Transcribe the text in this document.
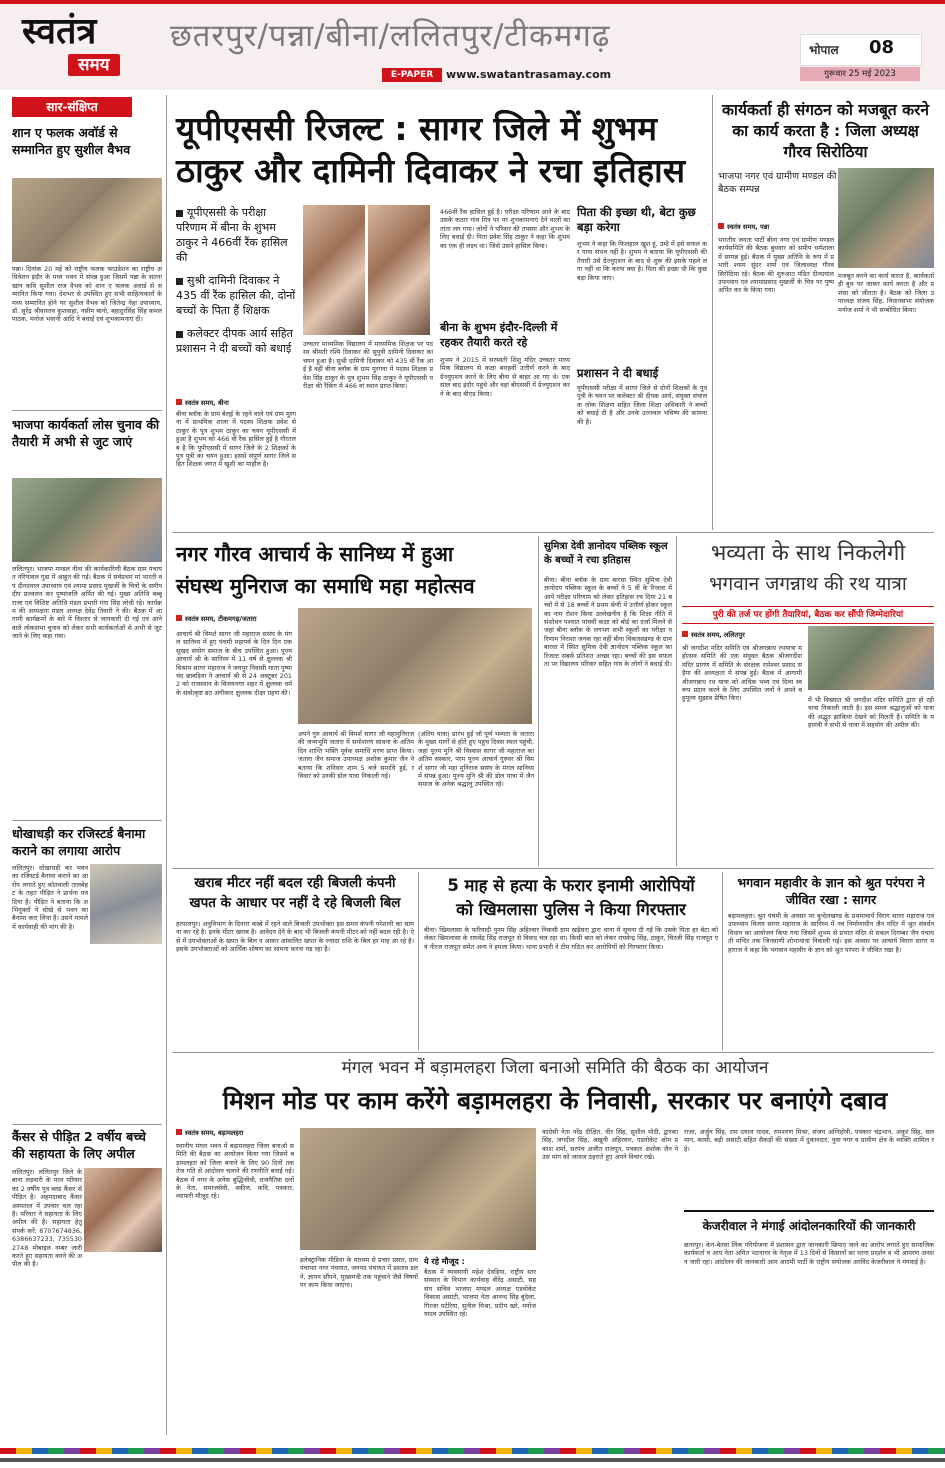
स्वतंत्र
समय
छतरपुर/पन्ना/बीना/ललितपुर/टीकमगढ़
E-PAPER	www.swatantrasamay.com
भोपाल 08
गुरूवार 25 मई 2023
सार-संक्षिप्त
शान ए फलक अवॉर्ड से सम्मानित हुए सुशील वैभव
पन्ना। दिनांक 20 मई को राष्ट्रीय फलक फाउंडेशन का राष्ट्रीय अधिवेशन इंदौर के मध्य भवन में संपन्न हुआ जिसमें पन्ना के सतना खान कवि सुशील राज वैभव को शान ए फलक अवार्ड से सम्मानित किया गया। देशभर से उपस्थित हुए सभी साहित्यकारों के मध्य सम्मानित होने पर सुशील वैभव को जितेन्द्र नेहा उपाध्याय, डॉ. सुरेंद्र श्रीवास्तव कुशवाहा, नसीम बानो, बहादुरसिंह सिंह कमल पाठक, मनोज भवानी आदि ने बधाई एवं शुभकामनाएं दी।
भाजपा कार्यकर्ता लोस चुनाव की तैयारी में अभी से जुट जाएं
ललितपुर। भाजपा मण्डल नीना की कार्यकारिणी बैठक ग्राम पंचायत नरियावल गुडा में आहूत की गई। बैठक में सर्वप्रथम मां भारती व पं दीनदयाल उपाध्याय एवं श्यामा प्रसाद मुखर्जी के चित्रों के समीप दीप प्रज्वलन कर पुष्पांजलि अर्पित की गई। मुख्य अतिथि बब्बू राजा एवं विशिष्ट अतिथि मंडल प्रभारी गंगा सिंह लोधी रहे। कार्यक्रम की अध्यक्षता मंडल अध्यक्ष देवेंद्र तिवारी ने की। बैठक में आगामी कार्यक्रमों के बारे में विस्तार से जानकारी दी गई एवं आने वाले लोकसभा चुनाव को लेकर सभी कार्यकर्ताओं से अभी से जुट जाने के लिए कहा गया।
धोखाधड़ी कर रजिस्टर्ड बैनामा कराने का लगाया आरोप
ललितपुर। धोखाधड़ी कर भवन का रजिस्टर्ड बैनामा कराने का आरोप लगाते हुए कोतवाली तालबेहट के तहत पीड़ित ने प्रार्थना पत्र दिया है। पीड़ित ने बताया कि अभियुक्तों ने धोखे से भवन का बैनामा करा लिया है। उसने मामले में कार्यवाही की मांग की है।
कैंसर से पीड़ित 2 वर्षीय बच्चे की सहायता के लिए अपील
ललितपुर। ललितपुर जिले के बाना लड़वारी के पाल परिवार का 2 वर्षीय पुत्र ब्लड कैंसर से पीड़ित है। अहमदाबाद कैंसर अस्पताल में उपचार चल रहा है। परिवार ने सहायता के लिए अपील की है। सहायता हेतु संपर्क करें: 8707674836, 6386637233, 7355302748 मोबाइल नम्बर जारी करते हुए सहायता करने की अपील की है।
यूपीएससी रिजल्ट : सागर जिले में शुभम
ठाकुर और दामिनी दिवाकर ने रचा इतिहास
यूपीएससी के परीक्षा परिणाम में बीना के शुभम ठाकुर ने 466वीं रैंक हासिल की
सुश्री दामिनी दिवाकर ने 435 वीं रैंक हासिल की, दोनों बच्चों के पिता हैं शिक्षक
कलेक्टर दीपक आर्य सहित प्रशासन ने दी बच्चों को बधाई
स्वतंत्र समय, बीना
बीना ब्लॉक के ग्राम बेल्ई के रहने वाले एवं ग्राम मुरगना में प्राथमिक शाला में पदस्थ शिक्षक प्रवेश से ठाकुर के पुत्र शुभम ठाकुर का चयन यूपीएससी में हुआ है शुभम को 466 वीं रैंक हासिल हुई है गौरतलब है कि यूपीएससी में सागर जिले के 2 शिक्षकों के पुत्र पुत्री का चयन हुआ। इससे संपूर्ण सागर जिले सहित शिक्षक जगत में खुशी का माहौल है।
उच्चतर माध्यमिक विद्यालय में माध्यमिक शिक्षक पर पदस्थ श्रीमती रश्मि दिवाकर की सुपुत्री दामिनी दिवाकर का चयन हुआ है। सुश्री दामिनी दिवाकर को 435 वीं रैंक आई है वहीं बीना ब्लॉक के ग्राम मुरगना में पदस्थ शिक्षक प्रवेश सिंह ठाकुर के पुत्र शुभम सिंह ठाकुर ने यूपीएससी परीक्षा की रैंकिंग में 466 वां स्थान प्राप्त किया।
466वीं रैंक हासिल हुई है। परीक्षा परिणाम आने के बाद उसके कठार गांव मित्र पर पर शुभकामनाएं देने वालों का तांता लग गया। लोगों ने परिवार की तपस्या और शुभम के लिए बधाई दी। पिता प्रवेश सिंह ठाकुर ने कहा कि शुभम का एक ही लक्ष्य था। जिसे उसने हासिल किया।
बीना के शुभम इंदौर-दिल्ली में रहकर तैयारी करते रहे
शुभम ने 2015 में सरस्वती शिशु मंदिर उच्चतर माध्यमिक विद्यालय से कक्षा बारहवीं उत्तीर्ण करने के बाद ग्रेज्युएशन करने के लिए बीना से बाहर आ गए थे। एक साल बाद इंदौर पहुंचे और वहां बीएससी में ग्रेज्युएशन करने के बाद बीएड किया।
पिता की इच्छा थी, बेटा कुछ बड़ा करेगा
शुभम ने कहा कि फिलहाल खुश हूं, उम्दे में इसे सफल कर पाना संभव नहीं है। शुभम ने बताया कि यूपीएससी की तैयारी उसे ग्रेज्युएशन के बाद से शुरू की इसके पहले लगा नहीं था कि करना क्या है। पिता की इच्छा थी कि कुछ बड़ा किया जाए।
प्रशासन ने दी बधाई
यूपीएससी परीक्षा में सागर जिले से दोनों शिक्षकों के पुत्र पुत्री के चयन पर कलेक्टर श्री दीपक आर्य, संयुक्त संचालक लोक शिक्षण सहित जिला शिक्षा अधिकारी ने बच्चों को बधाई दी है और उनके उज्ज्वल भविष्य की कामना की है।
कार्यकर्ता ही संगठन को मजबूत करने का कार्य करता है : जिला अध्यक्ष गौरव सिरोठिया
भाजपा नगर एवं ग्रामीण मण्डल की बैठक सम्पन्न
स्वतंत्र समय, पन्ना
भारतीय जनता पार्टी बीना नगर एवं ग्रामीण मण्डल कार्यसमिति की बैठक बुधवार को समीप धर्मशाला में सम्पन्न हुई। बैठक में मुख्य अतिथि के रूप में प्रभारी श्याम सुंदर शर्मा एवं जिलाध्यक्ष गौरव सिरोठिया रहे। बैठक की शुरुआत पंडित दीनदयाल उपाध्याय एवं श्यामाप्रसाद मुखर्जी के चित्र पर पुष्प अर्पित कर के किया गया।
मजबूत करने का कार्य करता है, कार्यकर्ता ही बूथ पर जाकर कार्य करता है और प्रशंसा को जीतता है। बैठक को जिला उपाध्यक्ष संजय सिंह, विधानसभा संयोजक मनोज शर्मा ने भी सम्बोधित किया।
नगर गौरव आचार्य के सानिध्य में हुआ
संघस्थ मुनिराज का समाधि महा महोत्सव
स्वतंत्र समय, टीकमगढ़/जतारा
आचार्य श्री विमर्श सागर जी महाराज ससंघ के मंगल सानिध्य में हुए पंचमी महापर्व के दिन दिन एक सुखद संयोग समाज के बीच उपस्थित हुआ। पूज्य आचार्य श्री के सानिध्य में 11 वर्ष से क्षुल्लक श्री विश्राम सागर महाराज ने जयपुर निवासी माता पुष्पा चंद छाबड़िया ने आचार्य श्री से 24 अक्टूबर 2012 को राजस्थान के विजयनगर शहर में क्षुल्लक धर्म के संवोत्कृष्ट व्रत अंगीकार क्षुल्लक दीक्षा ग्रहण की।
अपने गुरु आचार्य श्री विमर्श सागर जी महामुनिराज की जन्मभूमि जतारा में समोशरण साधना के अंतिम दिन शान्ति भक्ति पूर्वक समाधि मरण प्राप्त किया। जतारा जैन समाज उपाध्यक्ष अशोक कुमार जैन ने बताया कि शनिवार शाम 5 बजे समाधि हुई, रविवार को उनकी डोल यात्रा निकाली गई।
(अंतिम यात्रा) प्रारंभ हुई जो पूर्ण भव्यता के जतारा के मुख्य मार्गों से होते हुए पहुंच दिवस स्थल पहुंची, जहां पूज्य मुनि श्री विस्वास सागर जी महाराज का अंतिम संस्कार, परम पूज्य आचार्य गुरुवर श्री विमर्श सागर जी महा मुनिराज ससंघ के मंगल सानिध्य में संपन्न हुआ। पूज्य मुनि श्री की डोल यात्रा में जैन समाज के अनेक श्रद्धालु उपस्थित रहे।
सुमित्रा देवी ज्ञानोदय पब्लिक स्कूल के बच्चों ने रचा इतिहास
बीना। बीना ब्लॉक के ग्राम बारधा स्थित सुमित्रा देवी ज्ञानोदय पब्लिक स्कूल के बच्चों ने 5 वीं के रिजल्ट में आये परीक्षा परिणाम को लेकर इतिहास रच दिया 21 बच्चों में से 18 बच्चों ने प्रथम श्रेणी में उत्तीर्ण होकर स्कूल का नाम रोशन किया उल्लेखनीय है कि शिक्षा नीति में संशोधन पश्चात पांचवीं कक्षा को बोर्ड का दर्जा मिलने से जहां बीना ब्लॉक के लगभग सभी स्कूलों का परीक्षा परिणाम निराशा जनक रहा वहीं बीना विकासखण्ड के ग्राम बारधा में स्थित सुमित्रा देवी ज्ञानोदय पब्लिक स्कूल का रिजल्ट सबसे प्रतिशत अच्छा रहा। बच्चों की इस सफलता पर विद्यालय परिवार सहित गांव के लोगों ने बधाई दी।
भव्यता के साथ निकलेगी
भगवान जगन्नाथ की रथ यात्रा
पुरी की तर्ज पर होंगी तैयारियां, बैठक कर सौंपी जिम्मेदारियां
स्वतंत्र समय, ललितपुर
श्री जगदीश मंदिर समिति एवं श्रीजगन्नाथ रथयात्रा महोत्सव समिति की एक संयुक्त बैठक श्रीजगदीश मंदिर प्रांगण में समिति के संरक्षक रामेश्वर प्रसाद सड़ैया की अध्यक्षता में संपन्न हुई। बैठक में आगामी श्रीजगन्नाथ रथ यात्रा को अधिक भव्य एवं दिव्य स्वरूप प्रदान करने के लिए उपस्थित जनों ने अपने बहुमूल्य सुझाव प्रेषित किए।	में भी विख्यात श्री जगदीश मंदिर समिति द्वारा हो रही यात्रा निकाली जाती है। इस समय श्रद्धालुओं को यात्रा की अद्भुत झांकियां देखने को मिलती हैं। समिति के महामंत्री ने सभी से यात्रा में सहयोग की अपील की।
खराब मीटर नहीं बदल रही बिजली कंपनी
खपत के आधार पर नहीं दे रहे बिजली बिल
हरपालपुर। अनुविभाग के दिनारा कस्बे में रहने वाले बिजली उपभोक्ता इस समय कंपनी परेशानी का सामना कर रहे है। इनके मीटर खराब है। आवेदन देने के बाद भी बिजली कंपनी मीटर को नहीं बदल रही है। ऐसे में उपभोक्ताओं के खपत के बिल न आकर आंकलित खपत के ज्यादा राशि के बिल हर माह आ रहे है। इसके उपभोक्ताओं को आर्थिक शोषण का सामना करना पड़ रहा है।
5 माह से हत्या के फरार इनामी आरोपियों
को खिमलासा पुलिस ने किया गिरफ्तार
बीना। खिमलासा के फरियादी पुनम सिंह अहिरवार निवासी ग्राम खड़ेसरा द्वारा थाना में सूचना दी गई कि उसके पिता हर बेटा को लेकर खिमलासा के राघवेंद्र सिंह राजपूत से विवाद चल रहा था। किसी बात को लेकर राघवेन्द्र सिंह, ठाकुर, चिरंजी सिंह राजपूत एवं नीरज राजपूत समेत अन्य ने हमला किया। थाना प्रभारी ने टीम गठित कर आरोपियों को गिरफ्तार किया।
भगवान महावीर के ज्ञान को श्रुत परंपरा ने जीवित रखा : सागर
बड़ामलहरा। श्रुत पंचमी के अवसर पर बुन्देलखण्ड के प्रथमाचार्य विराग सागर महाराज एवं उपाध्याय विजय सागर महाराज के सानिध्य में नव निर्माणाधीन जैन मंदिर में श्रुत संवर्धन विधान का आयोजन किया गया जिसमें शुभम से प्रभात मंदिर से सकल दिगम्बर जैन पंचायती मन्दिर तक जिनवाणी शोभायात्रा निकाली गई। इस अवसर पर आचार्य विराग सागर महाराज ने कहा कि भगवान महावीर के ज्ञान को श्रुत परंपरा ने जीवित रखा है।
मंगल भवन में बड़ामलहरा जिला बनाओ समिति की बैठक का आयोजन
मिशन मोड पर काम करेंगे बड़ामलहरा के निवासी, सरकार पर बनाएंगे दबाव
स्वतंत्र समय, बड़ामलहरा
स्थानीय मंगल भवन में बड़ामलहरा जिला बनाओ समिति की बैठक का आयोजन किया गया जिसमें बड़ामलहरा को जिला बनाने के लिए 90 दिनों तक तेज गति से आंदोलन चलाने की रणनीति बनाई गई। बैठक में नगर के अनेक बुद्धिजीवी, राजनैतिक दलों के नेता, समाजसेवी, वकील, कवि, पत्रकार, व्यापारी मौजूद रहे।
इलेक्ट्रानिक मीडिया के माध्यम से प्रचार प्रसार, ग्राम पंचायत नगर पंचायत, जनपद पंचायत में प्रस्ताव डलने, ज्ञापन सौंपने, मुख्यमंत्री तक पहुंचाने जैसे विषयों पर काम किया जाएगा।
ये रहे मौजूद :
बैठक में व्यवसायी महेश देवड़िया, राष्ट्रीय स्तर संस्थान के विभाग कार्यवाह वीरेंद्र असाटी, सह संघ सचिव भाजपा मण्डल अध्यक्ष एडवोकेट विकास असाटी, भाजपा नेता आनन्द सिंह बुंदेला, गिरजा पटेरिया, सुनील मिश्रा, प्रदीप खरे, मनोज यादव उपस्थित रहे।
कांग्रेसी नेता नरेंद्र दीक्षित, वीर सिंह, सुशील मोदी, द्वारका सिंह, जगदीश सिंह, अखूनी अहिरवार, एडवोकेट ओम प्रकाश शर्मा, सरपंच अजीत राजपूत, पत्रकार अशोक जैन ने उस मांग को जायज ठहराते हुए अपने विचार रखे।
राजा, अर्जुन सिंह, राम दयाल यादव, रामशरण मिश्रा, संजय अग्निहोत्री, पत्रकार चंद्रभान, अंकुर सिंह, सलमान, कासी, बड़ी असाटी सहित सैकड़ों की संख्या में दुकानदार, युवा नगर व ग्रामीण क्षेत्र के व्यक्ति शामिल रहे।
केजरीवाल ने मंगाई आंदोलनकारियों की जानकारी
छतरपुर। केन-बेतवा लिंक परियोजना में प्रशासन द्वारा जानकारी छिपाए जाने का आरोप लगाते हुए सामाजिक कार्यकर्ता व आप नेता अमित भटनागर के नेतृत्व में 13 दिनों से किसानों का धरना प्रदर्शन व भी आमरण अनशन जारी रहा। आंदोलन की जानकारी आम आदमी पार्टी के राष्ट्रीय संयोजक अरविंद केजरीवाल ने मंगवाई है।
